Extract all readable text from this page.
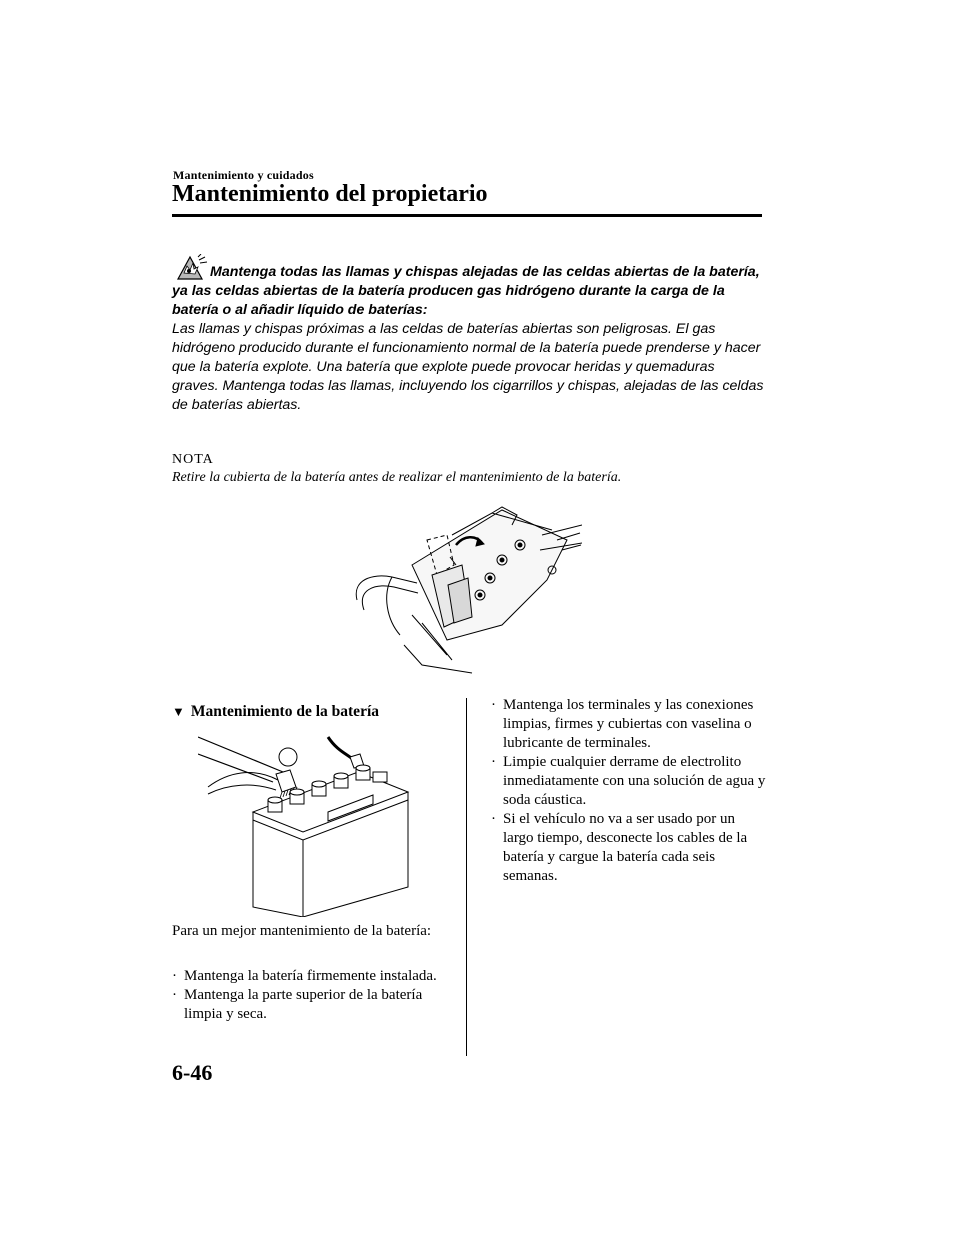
Mantenimiento y cuidados
Mantenimiento del propietario
Mantenga todas las llamas y chispas alejadas de las celdas abiertas de la batería, ya las celdas abiertas de la batería producen gas hidrógeno durante la carga de la batería o al añadir líquido de baterías:
Las llamas y chispas próximas a las celdas de baterías abiertas son peligrosas. El gas hidrógeno producido durante el funcionamiento normal de la batería puede prenderse y hacer que la batería explote. Una batería que explote puede provocar heridas y quemaduras graves. Mantenga todas las llamas, incluyendo los cigarrillos y chispas, alejadas de las celdas de baterías abiertas.
NOTA
Retire la cubierta de la batería antes de realizar el mantenimiento de la batería.
▼ Mantenimiento de la batería
Para un mejor mantenimiento de la batería:
· Mantenga la batería firmemente instalada.
· Mantenga la parte superior de la batería limpia y seca.
· Mantenga los terminales y las conexiones limpias, firmes y cubiertas con vaselina o lubricante de terminales.
· Limpie cualquier derrame de electrolito inmediatamente con una solución de agua y soda cáustica.
· Si el vehículo no va a ser usado por un largo tiempo, desconecte los cables de la batería y cargue la batería cada seis semanas.
6-46
